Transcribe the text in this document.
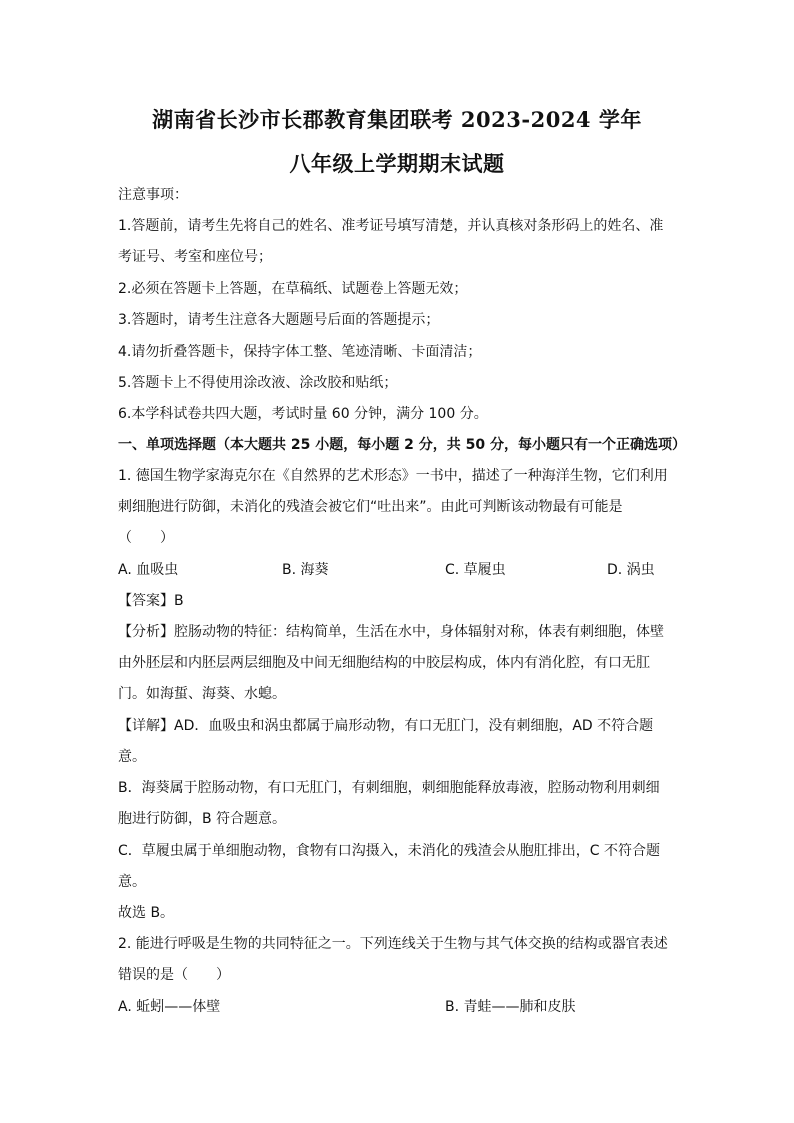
湖南省长沙市长郡教育集团联考 2023-2024 学年
八年级上学期期末试题
注意事项：
1.答题前，请考生先将自己的姓名、准考证号填写清楚，并认真核对条形码上的姓名、准
考证号、考室和座位号；
2.必须在答题卡上答题，在草稿纸、试题卷上答题无效；
3.答题时，请考生注意各大题题号后面的答题提示；
4.请勿折叠答题卡，保持字体工整、笔迹清晰、卡面清洁；
5.答题卡上不得使用涂改液、涂改胶和贴纸；
6.本学科试卷共四大题，考试时量 60 分钟，满分 100 分。
一、单项选择题（本大题共 25 小题，每小题 2 分，共 50 分，每小题只有一个正确选项）
1. 德国生物学家海克尔在《自然界的艺术形态》一书中，描述了一种海洋生物，它们利用
刺细胞进行防御，未消化的残渣会被它们“吐出来”。由此可判断该动物最有可能是
（　　）
A. 血吸虫	B. 海葵	C. 草履虫	D. 涡虫
【答案】B
【分析】腔肠动物的特征：结构简单，生活在水中，身体辐射对称，体表有刺细胞，体壁
由外胚层和内胚层两层细胞及中间无细胞结构的中胶层构成，体内有消化腔，有口无肛
门。如海蜇、海葵、水螅。
【详解】AD．血吸虫和涡虫都属于扁形动物，有口无肛门，没有刺细胞，AD 不符合题
意。
B．海葵属于腔肠动物，有口无肛门，有刺细胞，刺细胞能释放毒液，腔肠动物利用刺细
胞进行防御，B 符合题意。
C．草履虫属于单细胞动物，食物有口沟摄入，未消化的残渣会从胞肛排出，C 不符合题
意。
故选 B。
2. 能进行呼吸是生物的共同特征之一。下列连线关于生物与其气体交换的结构或器官表述
错误的是（　　）
A. 蚯蚓——体壁	B. 青蛙——肺和皮肤
